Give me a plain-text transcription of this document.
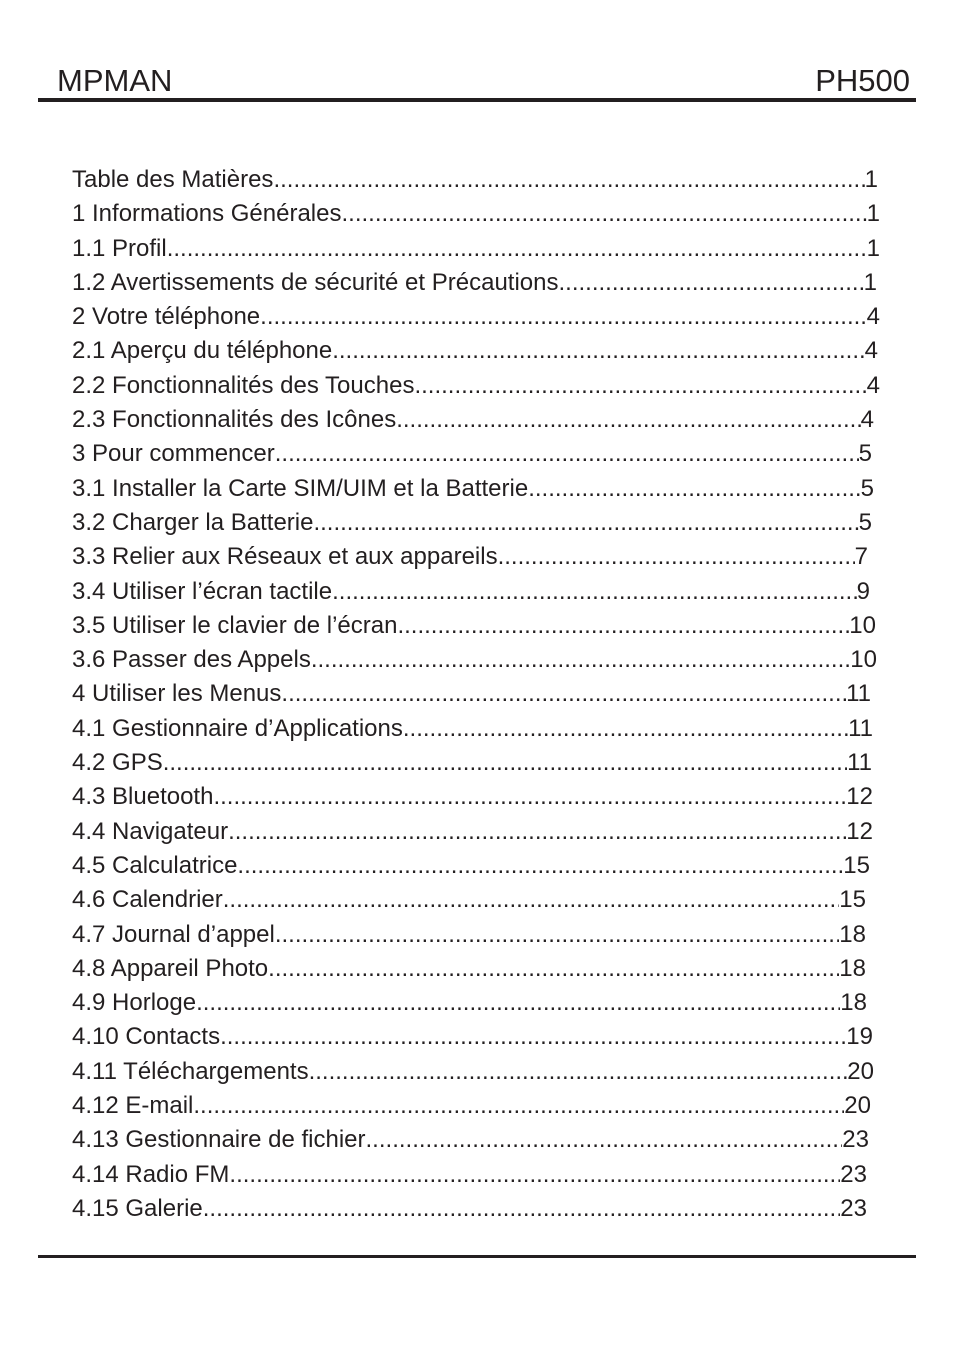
MPMAN	PH500
Table des Matières .....	1
1 Informations Générales .....	1
1.1 Profil .....	1
1.2 Avertissements de sécurité et Précautions .....	1
2 Votre téléphone .....	4
2.1 Aperçu du téléphone .....	4
2.2 Fonctionnalités des Touches .....	4
2.3 Fonctionnalités des Icônes .....	4
3 Pour commencer .....	5
3.1 Installer la Carte SIM/UIM et la Batterie .....	5
3.2 Charger la Batterie .....	5
3.3 Relier aux Réseaux et aux appareils .....	7
3.4 Utiliser l’écran tactile .....	9
3.5 Utiliser le clavier de l’écran .....	10
3.6 Passer des Appels .....	10
4 Utiliser les Menus .....	11
4.1 Gestionnaire d’Applications .....	11
4.2 GPS .....	11
4.3 Bluetooth .....	12
4.4 Navigateur .....	12
4.5 Calculatrice .....	15
4.6 Calendrier .....	15
4.7 Journal d’appel .....	18
4.8 Appareil Photo .....	18
4.9 Horloge .....	18
4.10 Contacts .....	19
4.11 Téléchargements .....	20
4.12 E-mail .....	20
4.13 Gestionnaire de fichier .....	23
4.14 Radio FM .....	23
4.15 Galerie .....	23
